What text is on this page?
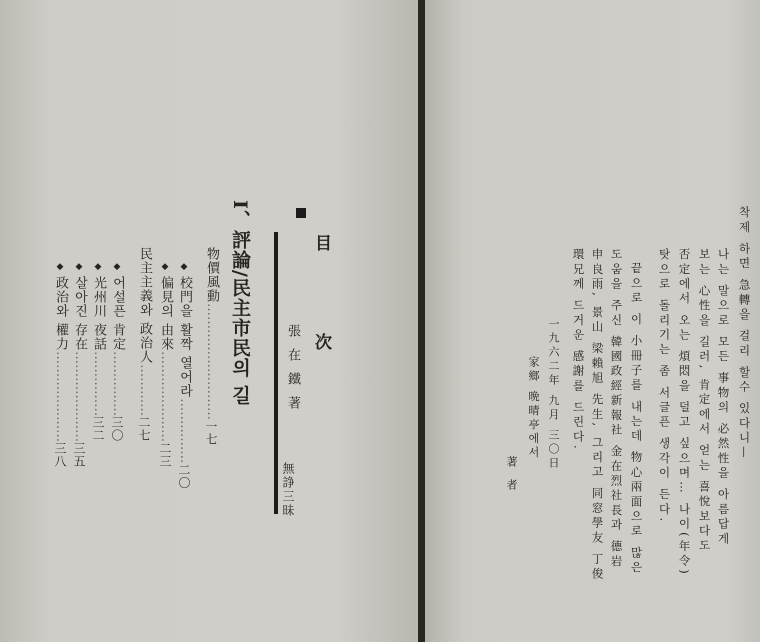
目 次
張在鐵著
無諍三昧
I、評論/民主市民의 길
物價風動………………………一七
◆校門을 활짝 열어라……………二〇
◆偏見의 由來…………………二三
民主主義와 政治人…………二七
◆어설픈 肯定……………三〇
◆光州川 夜話……………三二
◆살아진 存在…………………三五
◆政治와 權力…………………三八	착제 하면 急轉을 걸리 할수 있다니—
나는 말으로 모든 事物의 必然性을 아름답게
보는 心性을 길러, 肯定에서 얻는 喜悅보다도
否定에서 오는 煩悶을 덜고 싶으며… 나이(年令)
탓으로 돌리기는 좀 서글픈 생각이 든다.
끝으로 이 小冊子를 내는데 物心兩面으로 많은
도움을 주신 韓國政經新報社 金在烈社長과 德岩
申良雨, 景山 梁賴旭 先生, 그리고 同窓學友 丁俊
環兄께 드거운 感謝를 드린다.
一九六二年 九月 三〇日
家鄉 晩晴亭에서
著者
